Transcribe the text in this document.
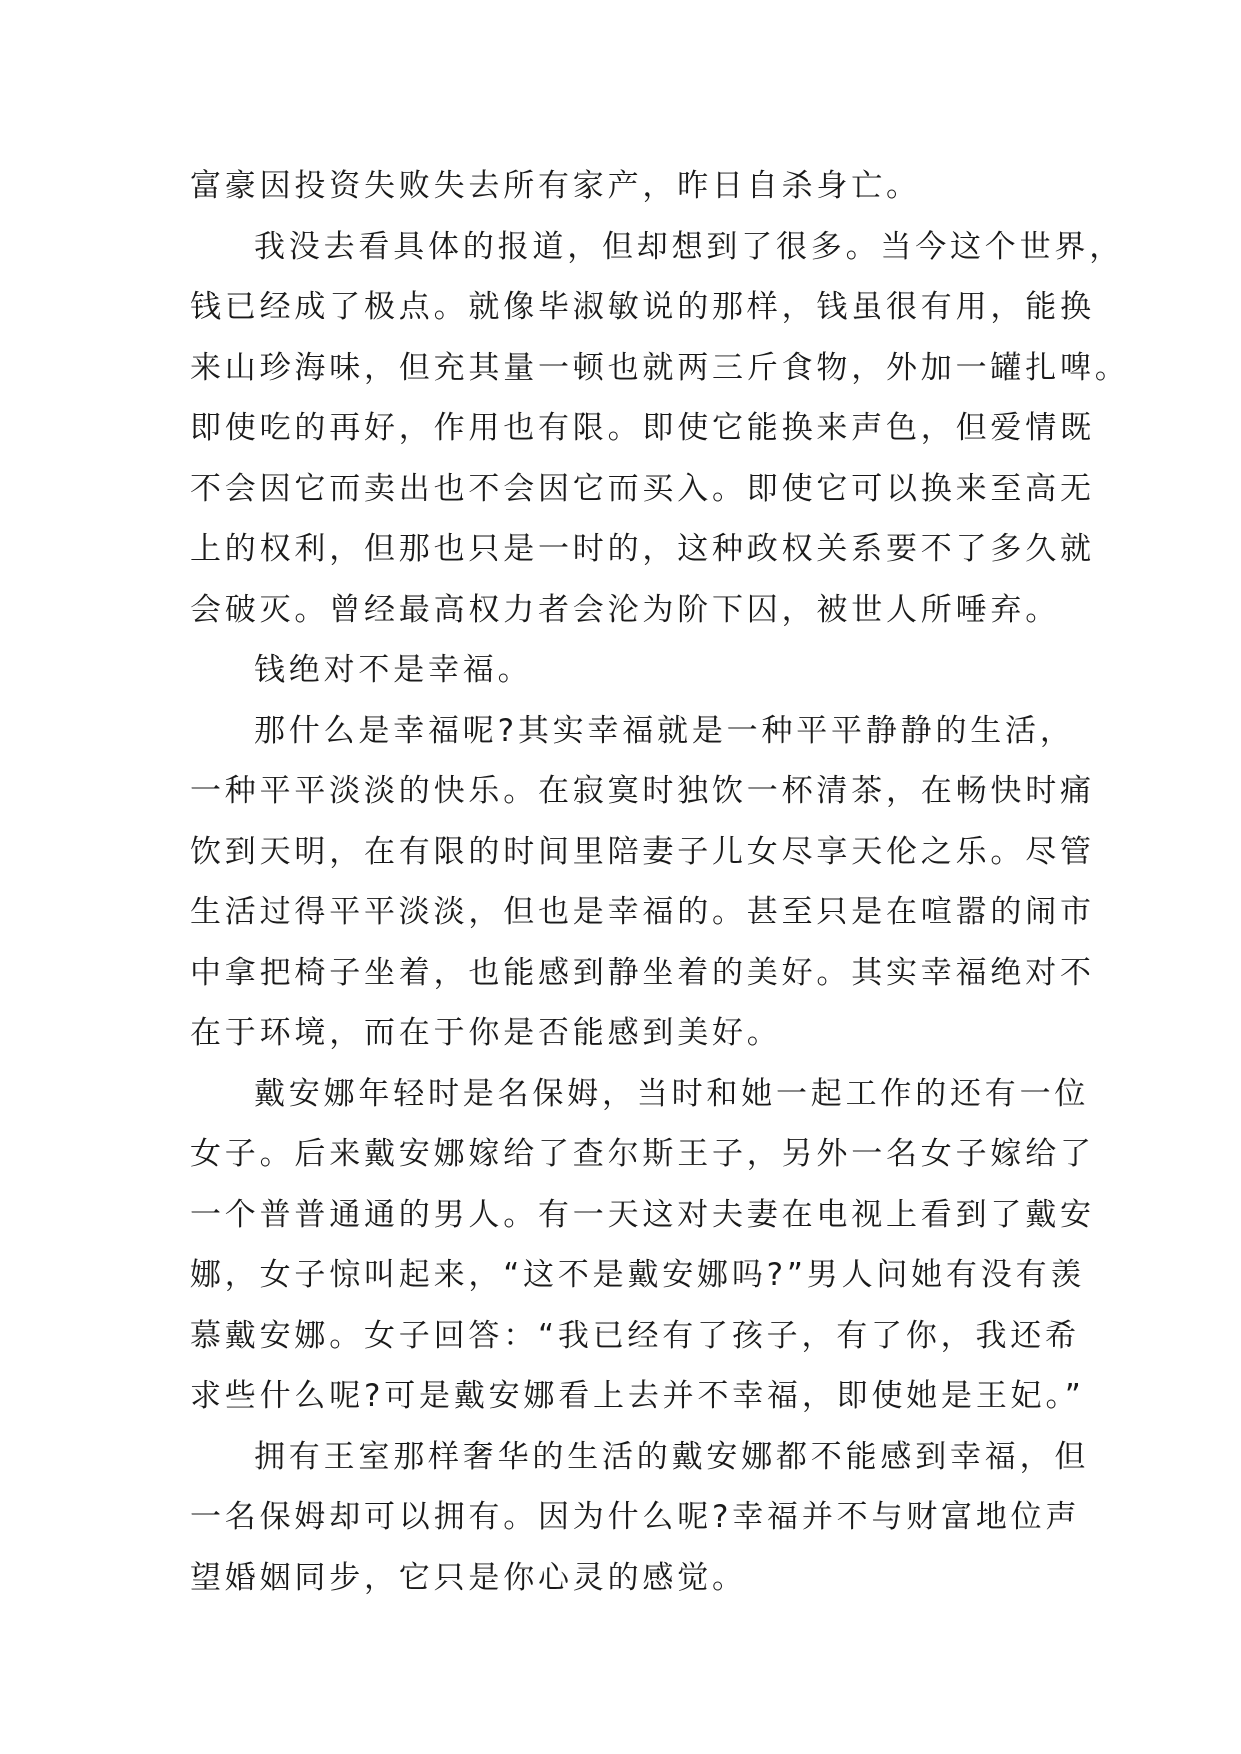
富豪因投资失败失去所有家产，昨日自杀身亡。
我没去看具体的报道，但却想到了很多。当今这个世界，
钱已经成了极点。就像毕淑敏说的那样，钱虽很有用，能换
来山珍海味，但充其量一顿也就两三斤食物，外加一罐扎啤。
即使吃的再好，作用也有限。即使它能换来声色，但爱情既
不会因它而卖出也不会因它而买入。即使它可以换来至高无
上的权利，但那也只是一时的，这种政权关系要不了多久就
会破灭。曾经最高权力者会沦为阶下囚，被世人所唾弃。
钱绝对不是幸福。
那什么是幸福呢?其实幸福就是一种平平静静的生活，
一种平平淡淡的快乐。在寂寞时独饮一杯清茶，在畅快时痛
饮到天明，在有限的时间里陪妻子儿女尽享天伦之乐。尽管
生活过得平平淡淡，但也是幸福的。甚至只是在喧嚣的闹市
中拿把椅子坐着，也能感到静坐着的美好。其实幸福绝对不
在于环境，而在于你是否能感到美好。
戴安娜年轻时是名保姆，当时和她一起工作的还有一位
女子。后来戴安娜嫁给了查尔斯王子，另外一名女子嫁给了
一个普普通通的男人。有一天这对夫妻在电视上看到了戴安
娜，女子惊叫起来，“这不是戴安娜吗?”男人问她有没有羡
慕戴安娜。女子回答：“我已经有了孩子，有了你，我还希
求些什么呢?可是戴安娜看上去并不幸福，即使她是王妃。”
拥有王室那样奢华的生活的戴安娜都不能感到幸福，但
一名保姆却可以拥有。因为什么呢?幸福并不与财富地位声
望婚姻同步，它只是你心灵的感觉。
